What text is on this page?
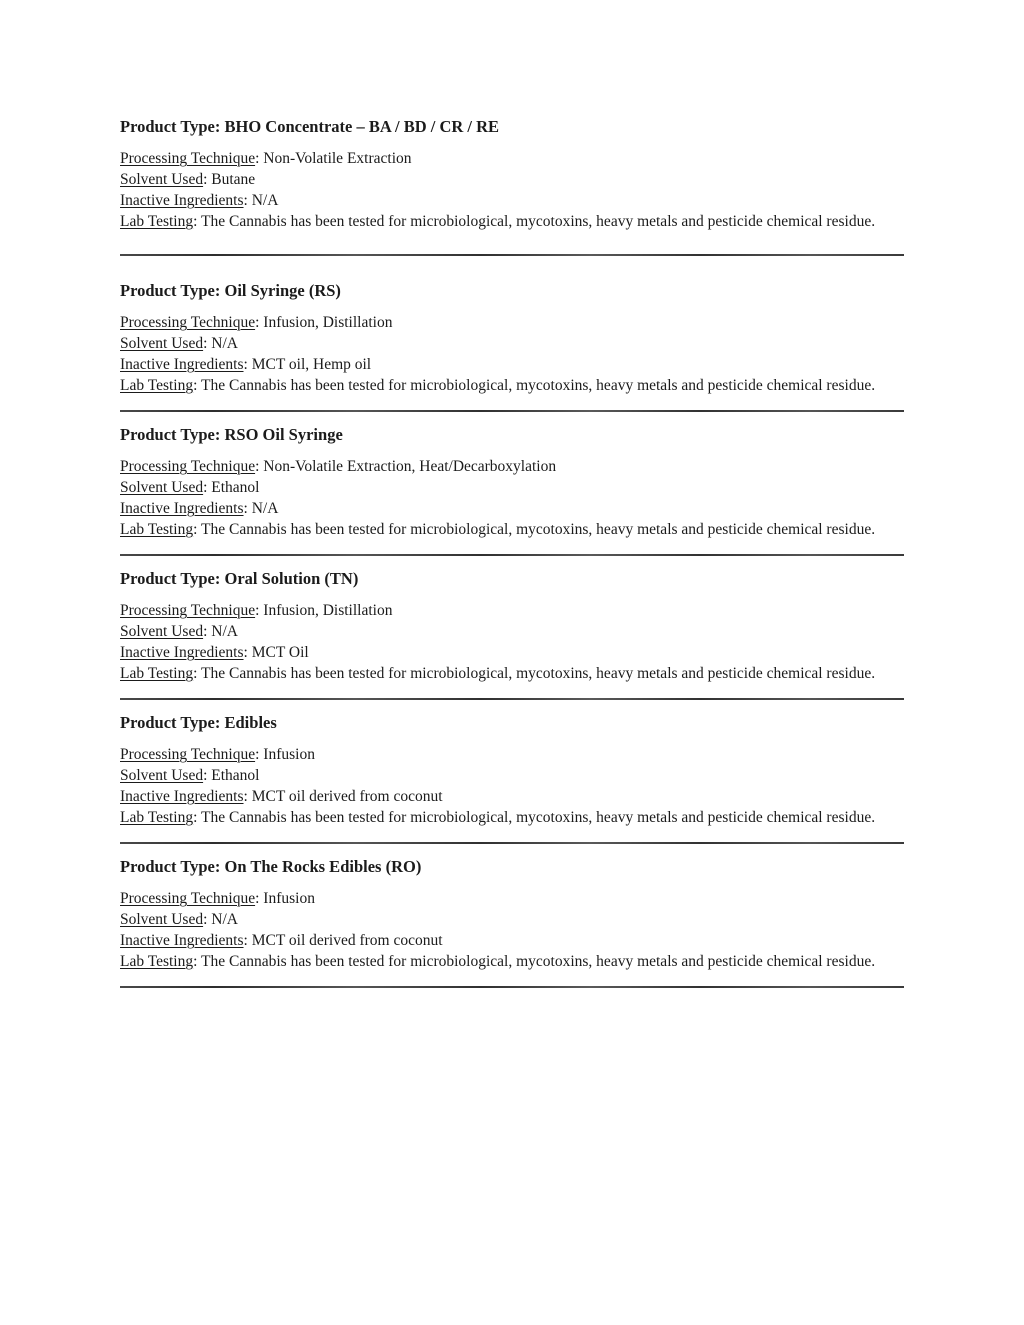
Product Type: BHO Concentrate – BA / BD / CR / RE

Processing Technique: Non-Volatile Extraction

Solvent Used: Butane

Inactive Ingredients: N/A

Lab Testing: The Cannabis has been tested for microbiological, mycotoxins, heavy metals and pesticide chemical residue.

Product Type: Oil Syringe (RS)

Processing Technique: Infusion, Distillation

Solvent Used: N/A

Inactive Ingredients: MCT oil, Hemp oil

Lab Testing: The Cannabis has been tested for microbiological, mycotoxins, heavy metals and pesticide chemical residue.

Product Type: RSO Oil Syringe

Processing Technique: Non-Volatile Extraction, Heat/Decarboxylation

Solvent Used: Ethanol

Inactive Ingredients: N/A

Lab Testing: The Cannabis has been tested for microbiological, mycotoxins, heavy metals and pesticide chemical residue.

Product Type: Oral Solution (TN)

Processing Technique: Infusion, Distillation

Solvent Used: N/A

Inactive Ingredients: MCT Oil

Lab Testing: The Cannabis has been tested for microbiological, mycotoxins, heavy metals and pesticide chemical residue.

Product Type: Edibles

Processing Technique: Infusion

Solvent Used: Ethanol

Inactive Ingredients: MCT oil derived from coconut

Lab Testing: The Cannabis has been tested for microbiological, mycotoxins, heavy metals and pesticide chemical residue.

Product Type: On The Rocks Edibles (RO)

Processing Technique: Infusion

Solvent Used: N/A

Inactive Ingredients: MCT oil derived from coconut

Lab Testing: The Cannabis has been tested for microbiological, mycotoxins, heavy metals and pesticide chemical residue.
